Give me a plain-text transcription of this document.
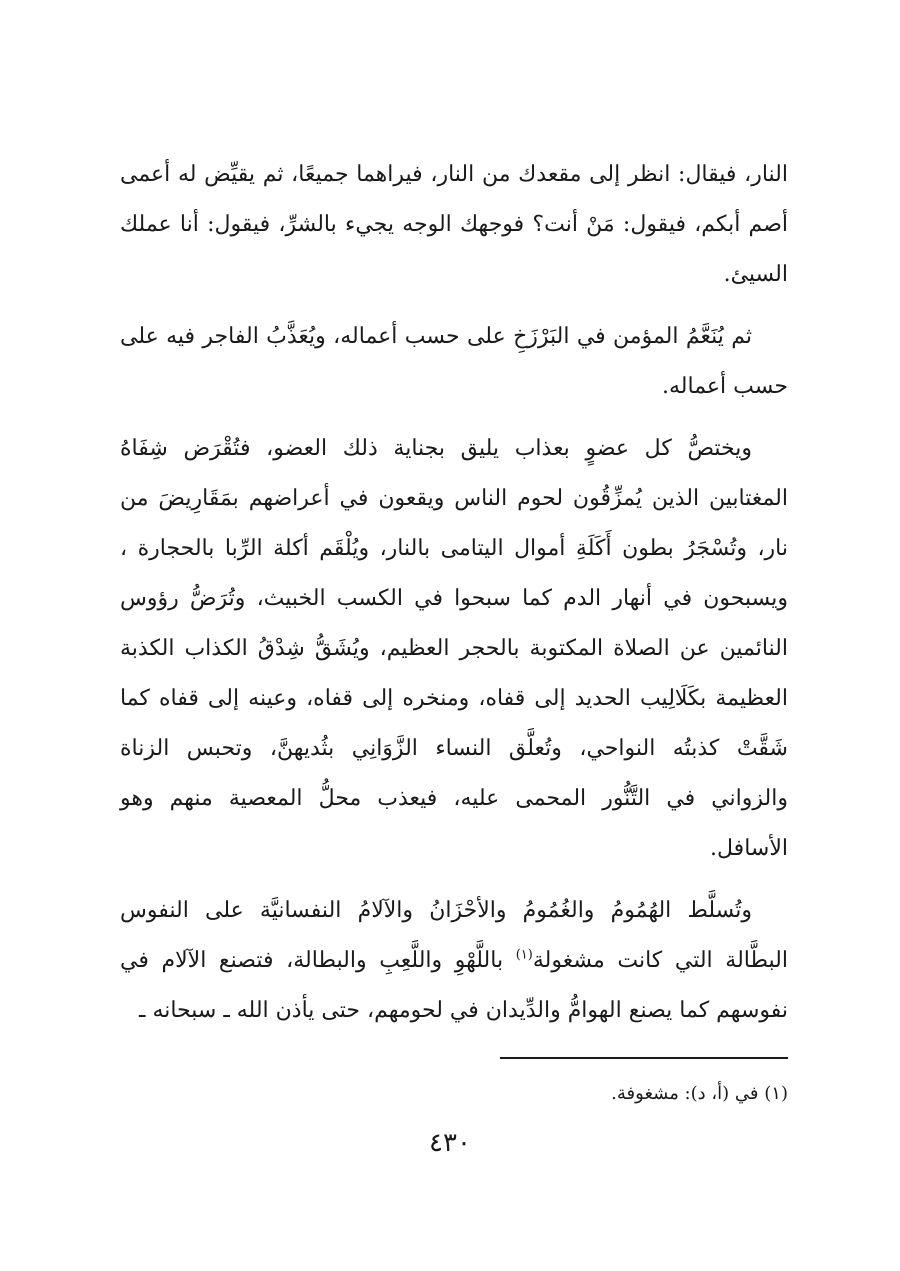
النار، فيقال: انظر إلى مقعدك من النار، فيراهما جميعًا، ثم يقيِّض له أعمى أصم أبكم، فيقول: مَنْ أنت؟ فوجهك الوجه يجيء بالشرِّ، فيقول: أنا عملك السيئ.

ثم يُنَعَّمُ المؤمن في البَرْزَخِ على حسب أعماله، ويُعَذَّبُ الفاجر فيه على حسب أعماله.

ويختصُّ كل عضوٍ بعذاب يليق بجناية ذلك العضو، فتُقْرَض شِفَاهُ المغتابين الذين يُمزِّقُون لحوم الناس ويقعون في أعراضهم بمَقَارِيضَ من نار، وتُسْجَرُ بطون أَكَلَةِ أموال اليتامى بالنار، ويُلْقَم أكلة الرِّبا بالحجارة ، ويسبحون في أنهار الدم كما سبحوا في الكسب الخبيث، وتُرَضُّ رؤوس النائمين عن الصلاة المكتوبة بالحجر العظيم، ويُشَقُّ شِدْقُ الكذاب الكذبة العظيمة بكَلَالِيب الحديد إلى قفاه، ومنخره إلى قفاه، وعينه إلى قفاه كما شَقَّتْ كذبتُه النواحي، وتُعلَّق النساء الزَّوَانِي بثُديهنَّ، وتحبس الزناة والزواني في التَّنُّور المحمى عليه، فيعذب محلُّ المعصية منهم وهو الأسافل.

وتُسلَّط الهُمُومُ والغُمُومُ والأحْزَانُ والآلامُ النفسانيَّة على النفوس البطَّالة التي كانت مشغولة$^{(١)}$ باللَّهْوِ واللَّعِبِ والبطالة، فتصنع الآلام في نفوسهم كما يصنع الهوامُّ والدِّيدان في لحومهم، حتى يأذن الله ـ سبحانه ـ

(١) في (أ، د): مشغوفة.
٤٣٠
